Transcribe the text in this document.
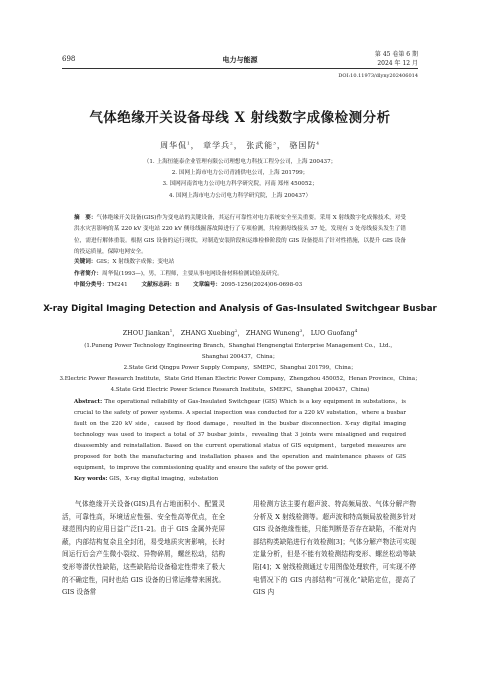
698	电力与能源
第 45 卷第 6 期
2024 年 12 月
DOI:10.11973/dlyny202406014
气体绝缘开关设备母线 X 射线数字成像检测分析
周华侃$^1$， 章学兵$^2$， 张武能$^3$， 骆国防$^4$
（1. 上海恒能泰企业管理有限公司理想电力科技工程分公司，上海 200437；
2. 国网上海市电力公司青浦供电公司，上海 201799；
3. 国网河南省电力公司电力科学研究院，河南 郑州 450052；
4. 国网上海市电力公司电力科学研究院，上海 200437）
摘　要：气体绝缘开关设备(GIS)作为变电站的关键设备，其运行可靠性对电力系统安全至关重要。采用 X 射线数字化成像技术，对受洪水灾害影响的某 220 kV 变电站 220 kV 侧母线掘落故障进行了专项检测，共检测母线接头 37 处，发现有 3 处母线接头发生了错位，需进行解体重装。根据 GIS 设备的运行现状，对制造安装阶段和运维检修阶段的 GIS 设备提出了针对性措施，以提升 GIS 设备的投运质量，保障电网安全。
关键词：GIS；X 射线数字成像；变电站
作者简介：周华侃(1993—)，男，工程师，主要从事电网设备材料检测试验及研究。
中图分类号：TM241 文献标志码：B 文章编号：2095-1256(2024)06-0698-03
X-ray Digital Imaging Detection and Analysis of Gas-Insulated Switchgear Busbar
ZHOU Jiankan$^1$， ZHANG Xuebing$^2$， ZHANG Wuneng$^3$， LUO Guofang$^4$
(1.Puneng Power Technology Engineering Branch，Shanghai Hengnengtai Enterprise Management Co.，Ltd.，
Shanghai 200437，China；
2.State Grid Qingpu Power Supply Company，SMEPC，Shanghai 201799，China；
3.Electric Power Research Institute，State Grid Henan Electric Power Company，Zhengzhou 450052，Henan Province，China；
4.State Grid Electric Power Science Research Institute，SMEPC，Shanghai 200437，China)
Abstract: The operational reliability of Gas-Insulated Switchgear (GIS) Which is a key equipment in substations，is crucial to the safety of power systems. A special inspection was conducted for a 220 kV substation，where a busbar fault on the 220 kV side，caused by flood damage，resulted in the busbar disconnection. X-ray digital imaging technology was used to inspect a total of 37 busbar joints，revealing that 3 joints were misaligned and required disassembly and reinstallation. Based on the current operational status of GIS equipment，targeted measures are proposed for both the manufacturing and installation phases and the operation and maintenance phases of GIS equipment，to improve the commissioning quality and ensure the safety of the power grid.
Key words: GIS，X-ray digital imaging，substation
气体绝缘开关设备(GIS)具有占地面积小、配置灵活，可靠性高，环境适应性强、安全性高等优点，在全球范围内的应用日益广泛[1-2]。由于 GIS 金属外壳屏蔽，内部结构复杂且全封闭，易受地质灾害影响，长时间运行后会产生微小裂纹、异物碎屑，螺丝松动，结构变形等潜伏性缺陷，这些缺陷给设备稳定性带来了极大的不确定性，同时也给 GIS 设备的日常运维带来困扰。GIS 设备常
用检测方法主要有超声波、特高频局放、气体分解产物分析及 X 射线检测等。超声波和特高频局放检测多针对 GIS 设备绝缘性能，只能判断是否存在缺陷，不能对内部结构类缺陷进行有效检测[3]；气体分解产物法可实现定量分析，但是不能有效检测结构变形、螺丝松动等缺陷[4]；X 射线检测通过专用图像处理软件，可实现不停电情况下的 GIS 内部结构“可视化”缺陷定位，提高了 GIS 内
